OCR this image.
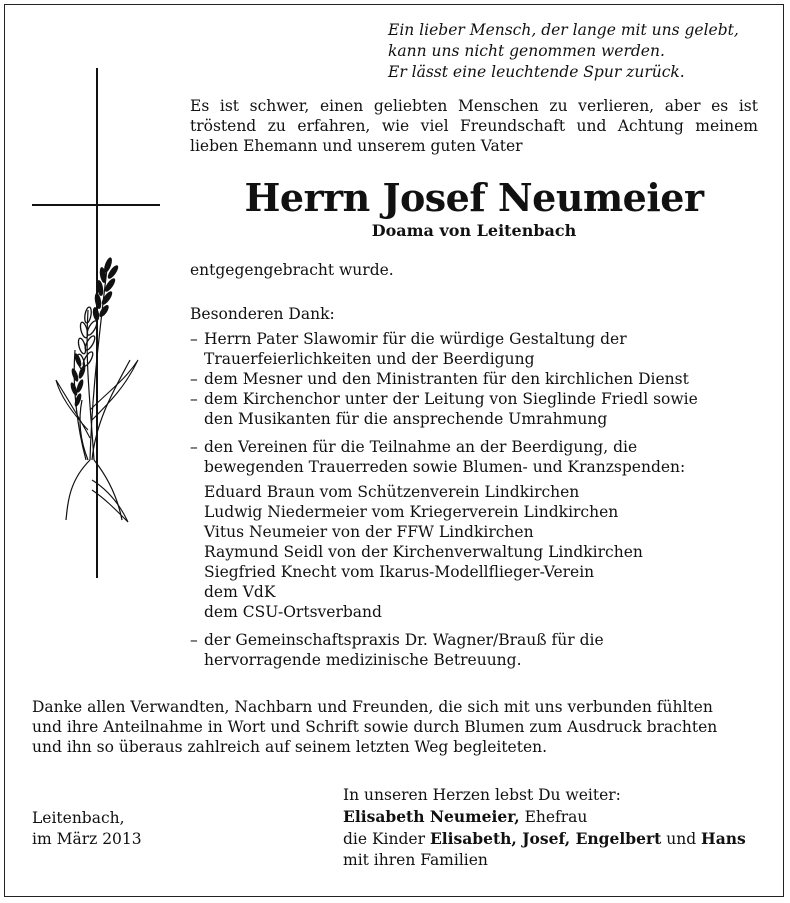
Ein lieber Mensch, der lange mit uns gelebt,
kann uns nicht genommen werden.
Er lässt eine leuchtende Spur zurück.
Es ist schwer, einen geliebten Menschen zu verlieren, aber es ist tröstend zu erfahren, wie viel Freundschaft und Achtung meinem lieben Ehemann und unserem guten Vater
Herrn Josef Neumeier
Doama von Leitenbach
entgegengebracht wurde.
Besonderen Dank:
– Herrn Pater Slawomir für die würdige Gestaltung der
Trauerfeierlichkeiten und der Beerdigung
– dem Mesner und den Ministranten für den kirchlichen Dienst
– dem Kirchenchor unter der Leitung von Sieglinde Friedl sowie
den Musikanten für die ansprechende Umrahmung
– den Vereinen für die Teilnahme an der Beerdigung, die
bewegenden Trauerreden sowie Blumen- und Kranzspenden:
Eduard Braun vom Schützenverein Lindkirchen
Ludwig Niedermeier vom Kriegerverein Lindkirchen
Vitus Neumeier von der FFW Lindkirchen
Raymund Seidl von der Kirchenverwaltung Lindkirchen
Siegfried Knecht vom Ikarus-Modellflieger-Verein
dem VdK
dem CSU-Ortsverband
– der Gemeinschaftspraxis Dr. Wagner/Brauß für die
hervorragende medizinische Betreuung.
Danke allen Verwandten, Nachbarn und Freunden, die sich mit uns verbunden fühlten
und ihre Anteilnahme in Wort und Schrift sowie durch Blumen zum Ausdruck brachten
und ihn so überaus zahlreich auf seinem letzten Weg begleiteten.
Leitenbach,
im März 2013
In unseren Herzen lebst Du weiter:
Elisabeth Neumeier, Ehefrau
die Kinder Elisabeth, Josef, Engelbert und Hans
mit ihren Familien
